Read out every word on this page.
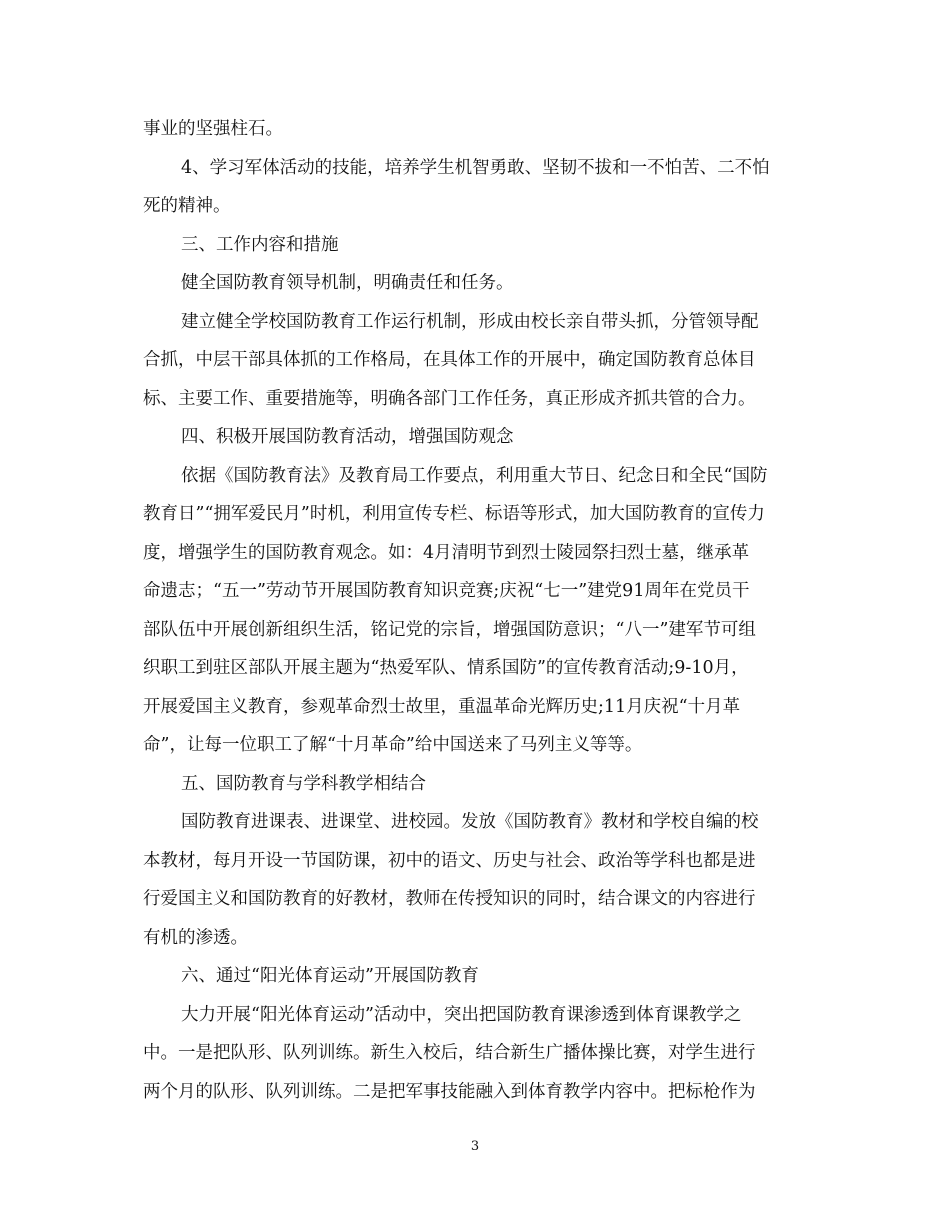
事业的坚强柱石。
4、学习军体活动的技能，培养学生机智勇敢、坚韧不拔和一不怕苦、二不怕
死的精神。
三、工作内容和措施
健全国防教育领导机制，明确责任和任务。
建立健全学校国防教育工作运行机制，形成由校长亲自带头抓，分管领导配
合抓，中层干部具体抓的工作格局，在具体工作的开展中，确定国防教育总体目
标、主要工作、重要措施等，明确各部门工作任务，真正形成齐抓共管的合力。
四、积极开展国防教育活动，增强国防观念
依据《国防教育法》及教育局工作要点，利用重大节日、纪念日和全民“国防
教育日”“拥军爱民月”时机，利用宣传专栏、标语等形式，加大国防教育的宣传力
度，增强学生的国防教育观念。如：4月清明节到烈士陵园祭扫烈士墓，继承革
命遗志；“五一”劳动节开展国防教育知识竞赛;庆祝“七一”建党91周年在党员干
部队伍中开展创新组织生活，铭记党的宗旨，增强国防意识；“八一”建军节可组
织职工到驻区部队开展主题为“热爱军队、情系国防”的宣传教育活动;9-10月，
开展爱国主义教育，参观革命烈士故里，重温革命光辉历史;11月庆祝“十月革
命”，让每一位职工了解“十月革命”给中国送来了马列主义等等。
五、国防教育与学科教学相结合
国防教育进课表、进课堂、进校园。发放《国防教育》教材和学校自编的校
本教材，每月开设一节国防课，初中的语文、历史与社会、政治等学科也都是进
行爱国主义和国防教育的好教材，教师在传授知识的同时，结合课文的内容进行
有机的渗透。
六、通过“阳光体育运动”开展国防教育
大力开展“阳光体育运动”活动中，突出把国防教育课渗透到体育课教学之
中。一是把队形、队列训练。新生入校后，结合新生广播体操比赛，对学生进行
两个月的队形、队列训练。二是把军事技能融入到体育教学内容中。把标枪作为
3
